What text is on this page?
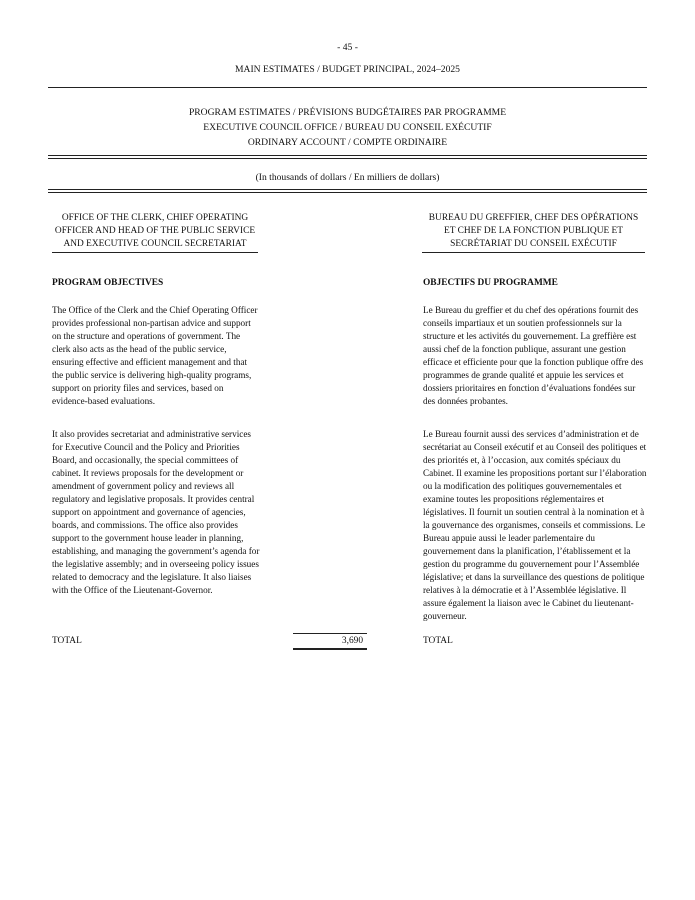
- 45 -
MAIN ESTIMATES / BUDGET PRINCIPAL, 2024–2025
PROGRAM ESTIMATES / PRÉVISIONS BUDGÉTAIRES PAR PROGRAMME
EXECUTIVE COUNCIL OFFICE / BUREAU DU CONSEIL EXÉCUTIF
ORDINARY ACCOUNT / COMPTE ORDINAIRE
(In thousands of dollars / En milliers de dollars)
OFFICE OF THE CLERK, CHIEF OPERATING OFFICER AND HEAD OF THE PUBLIC SERVICE AND EXECUTIVE COUNCIL SECRETARIAT
BUREAU DU GREFFIER, CHEF DES OPÉRATIONS ET CHEF DE LA FONCTION PUBLIQUE ET SECRÉTARIAT DU CONSEIL EXÉCUTIF
PROGRAM OBJECTIVES	OBJECTIFS DU PROGRAMME
The Office of the Clerk and the Chief Operating Officer provides professional non-partisan advice and support on the structure and operations of government. The clerk also acts as the head of the public service, ensuring effective and efficient management and that the public service is delivering high-quality programs, support on priority files and services, based on evidence-based evaluations.
It also provides secretariat and administrative services for Executive Council and the Policy and Priorities Board, and occasionally, the special committees of cabinet. It reviews proposals for the development or amendment of government policy and reviews all regulatory and legislative proposals. It provides central support on appointment and governance of agencies, boards, and commissions. The office also provides support to the government house leader in planning, establishing, and managing the government’s agenda for the legislative assembly; and in overseeing policy issues related to democracy and the legislature. It also liaises with the Office of the Lieutenant-Governor.
Le Bureau du greffier et du chef des opérations fournit des conseils impartiaux et un soutien professionnels sur la structure et les activités du gouvernement. La greffière est aussi chef de la fonction publique, assurant une gestion efficace et efficiente pour que la fonction publique offre des programmes de grande qualité et appuie les services et dossiers prioritaires en fonction d’évaluations fondées sur des données probantes.
Le Bureau fournit aussi des services d’administration et de secrétariat au Conseil exécutif et au Conseil des politiques et des priorités et, à l’occasion, aux comités spéciaux du Cabinet. Il examine les propositions portant sur l’élaboration ou la modification des politiques gouvernementales et examine toutes les propositions réglementaires et législatives. Il fournit un soutien central à la nomination et à la gouvernance des organismes, conseils et commissions. Le Bureau appuie aussi le leader parlementaire du gouvernement dans la planification, l’établissement et la gestion du programme du gouvernement pour l’Assemblée législative; et dans la surveillance des questions de politique relatives à la démocratie et à l’Assemblée législative. Il assure également la liaison avec le Cabinet du lieutenant-gouverneur.
TOTAL	3,690	TOTAL
